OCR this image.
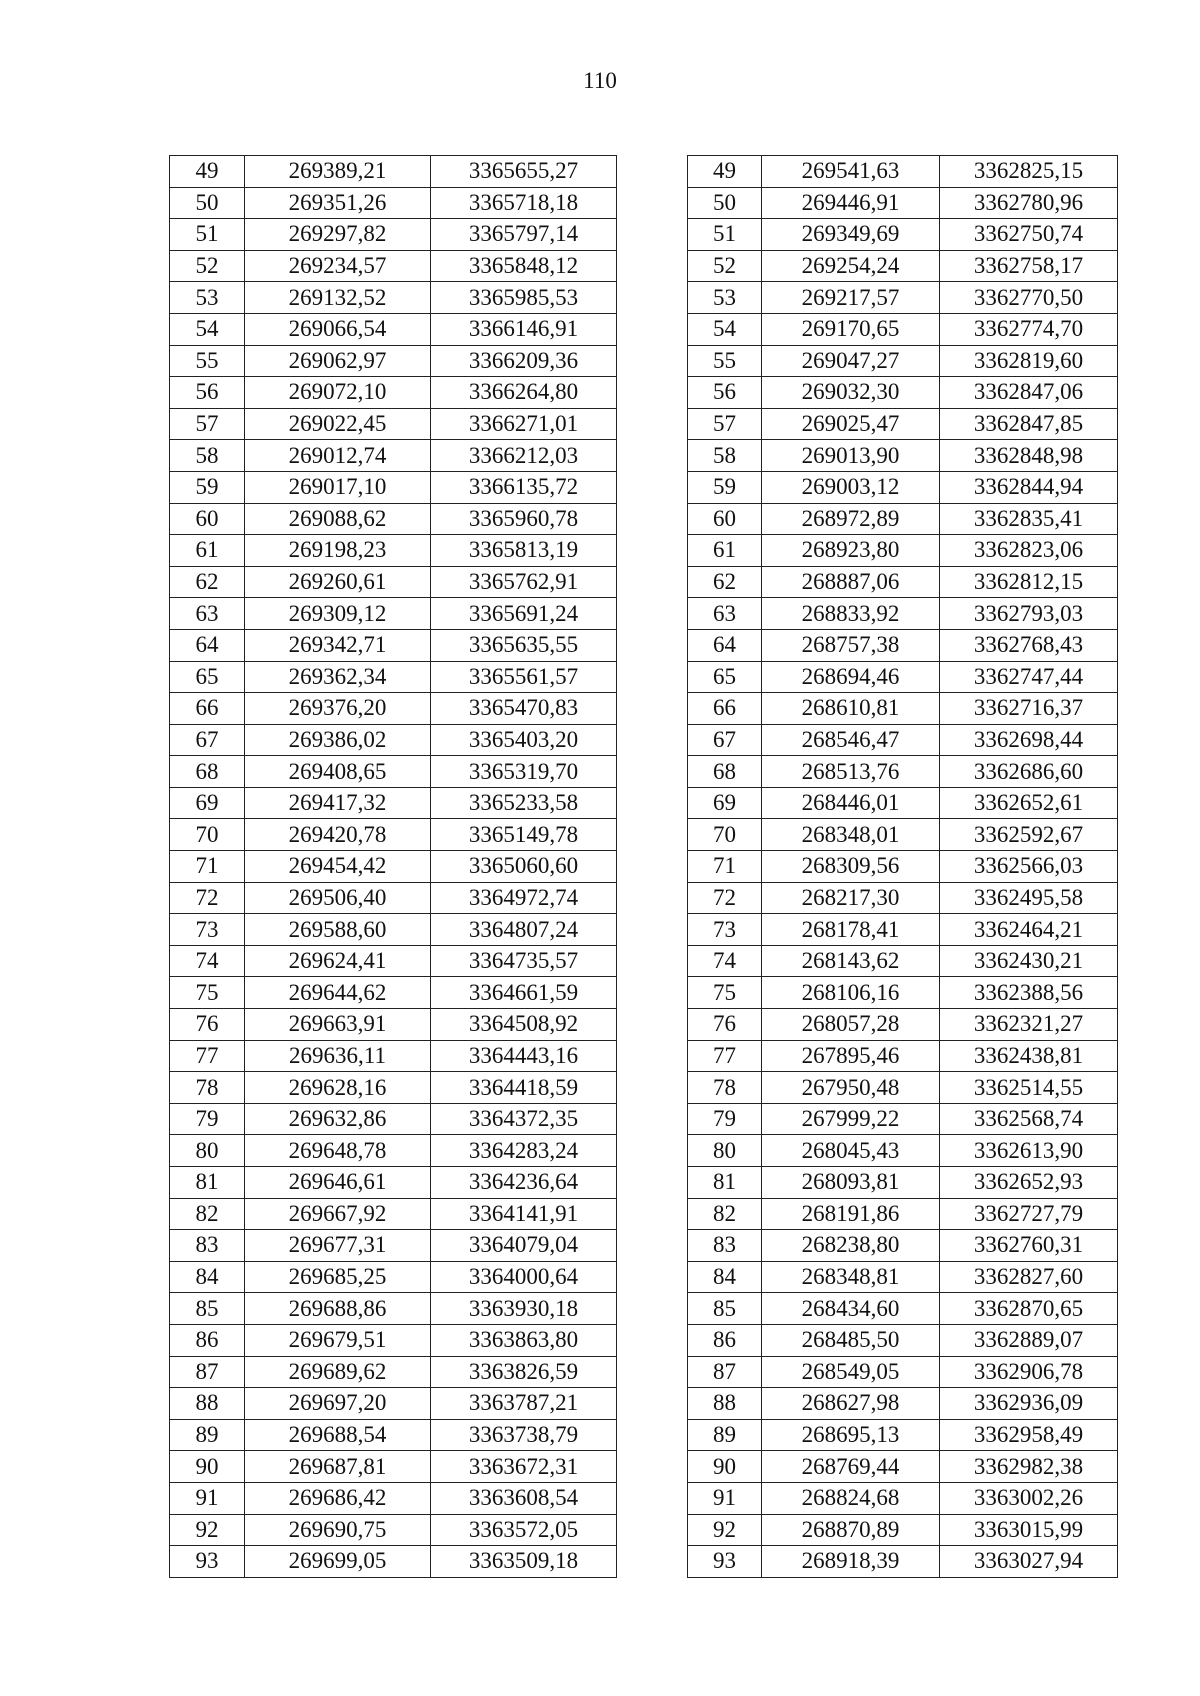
110
49	269389,21	3365655,27
50	269351,26	3365718,18
51	269297,82	3365797,14
52	269234,57	3365848,12
53	269132,52	3365985,53
54	269066,54	3366146,91
55	269062,97	3366209,36
56	269072,10	3366264,80
57	269022,45	3366271,01
58	269012,74	3366212,03
59	269017,10	3366135,72
60	269088,62	3365960,78
61	269198,23	3365813,19
62	269260,61	3365762,91
63	269309,12	3365691,24
64	269342,71	3365635,55
65	269362,34	3365561,57
66	269376,20	3365470,83
67	269386,02	3365403,20
68	269408,65	3365319,70
69	269417,32	3365233,58
70	269420,78	3365149,78
71	269454,42	3365060,60
72	269506,40	3364972,74
73	269588,60	3364807,24
74	269624,41	3364735,57
75	269644,62	3364661,59
76	269663,91	3364508,92
77	269636,11	3364443,16
78	269628,16	3364418,59
79	269632,86	3364372,35
80	269648,78	3364283,24
81	269646,61	3364236,64
82	269667,92	3364141,91
83	269677,31	3364079,04
84	269685,25	3364000,64
85	269688,86	3363930,18
86	269679,51	3363863,80
87	269689,62	3363826,59
88	269697,20	3363787,21
89	269688,54	3363738,79
90	269687,81	3363672,31
91	269686,42	3363608,54
92	269690,75	3363572,05
93	269699,05	3363509,18
49	269541,63	3362825,15
50	269446,91	3362780,96
51	269349,69	3362750,74
52	269254,24	3362758,17
53	269217,57	3362770,50
54	269170,65	3362774,70
55	269047,27	3362819,60
56	269032,30	3362847,06
57	269025,47	3362847,85
58	269013,90	3362848,98
59	269003,12	3362844,94
60	268972,89	3362835,41
61	268923,80	3362823,06
62	268887,06	3362812,15
63	268833,92	3362793,03
64	268757,38	3362768,43
65	268694,46	3362747,44
66	268610,81	3362716,37
67	268546,47	3362698,44
68	268513,76	3362686,60
69	268446,01	3362652,61
70	268348,01	3362592,67
71	268309,56	3362566,03
72	268217,30	3362495,58
73	268178,41	3362464,21
74	268143,62	3362430,21
75	268106,16	3362388,56
76	268057,28	3362321,27
77	267895,46	3362438,81
78	267950,48	3362514,55
79	267999,22	3362568,74
80	268045,43	3362613,90
81	268093,81	3362652,93
82	268191,86	3362727,79
83	268238,80	3362760,31
84	268348,81	3362827,60
85	268434,60	3362870,65
86	268485,50	3362889,07
87	268549,05	3362906,78
88	268627,98	3362936,09
89	268695,13	3362958,49
90	268769,44	3362982,38
91	268824,68	3363002,26
92	268870,89	3363015,99
93	268918,39	3363027,94
